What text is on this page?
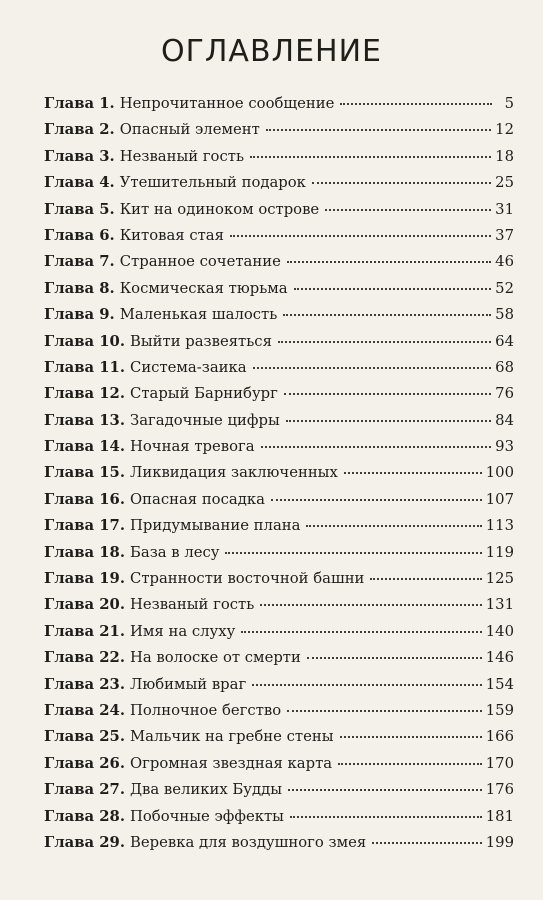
ОГЛАВЛЕНИЕ
Глава 1. Непрочитанное сообщение	5
Глава 2. Опасный элемент	12
Глава 3. Незваный гость	18
Глава 4. Утешительный подарок	25
Глава 5. Кит на одиноком острове	31
Глава 6. Китовая стая	37
Глава 7. Странное сочетание	46
Глава 8. Космическая тюрьма	52
Глава 9. Маленькая шалость	58
Глава 10. Выйти развеяться	64
Глава 11. Система-заика	68
Глава 12. Старый Барнибург	76
Глава 13. Загадочные цифры	84
Глава 14. Ночная тревога	93
Глава 15. Ликвидация заключенных	100
Глава 16. Опасная посадка	107
Глава 17. Придумывание плана	113
Глава 18. База в лесу	119
Глава 19. Странности восточной башни	125
Глава 20. Незваный гость	131
Глава 21. Имя на слуху	140
Глава 22. На волоске от смерти	146
Глава 23. Любимый враг	154
Глава 24. Полночное бегство	159
Глава 25. Мальчик на гребне стены	166
Глава 26. Огромная звездная карта	170
Глава 27. Два великих Будды	176
Глава 28. Побочные эффекты	181
Глава 29. Веревка для воздушного змея	199
